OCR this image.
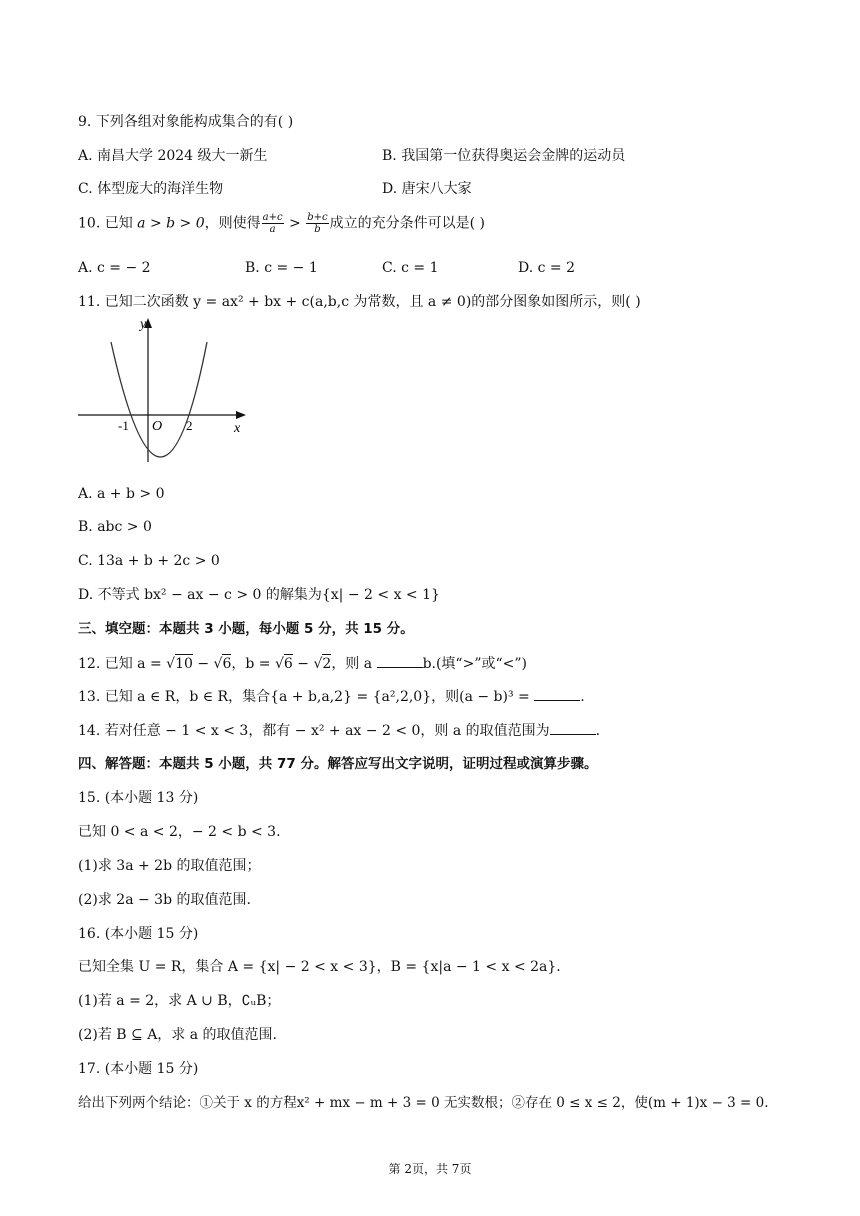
9. 下列各组对象能构成集合的有( )
A. 南昌大学 2024 级大一新生	B. 我国第一位获得奥运会金牌的运动员
C. 体型庞大的海洋生物	D. 唐宋八大家
10. 已知 a > b > 0，则使得 $\frac{a+c}{a} > \frac{b+c}{b}$ 成立的充分条件可以是( )
A. c = − 2	B. c = − 1	C. c = 1	D. c = 2
11. 已知二次函数 y = ax² + bx + c(a,b,c 为常数，且 a ≠ 0)的部分图象如图所示，则( )
y
x
O
-1	2
A. a + b > 0
B. abc > 0
C. 13a + b + 2c > 0
D. 不等式 bx² − ax − c > 0 的解集为{x| − 2 < x < 1}
三、填空题：本题共 3 小题，每小题 5 分，共 15 分。
12. 已知 a = √10 − √6，b = √6 − √2，则 a	b.(填“>”或“<”)
13. 已知 a ∈ R，b ∈ R，集合{a + b,a,2} = {a²,2,0}，则(a − b)³ =	.
14. 若对任意 − 1 < x < 3，都有 − x² + ax − 2 < 0，则 a 的取值范围为	.
四、解答题：本题共 5 小题，共 77 分。解答应写出文字说明，证明过程或演算步骤。
15. (本小题 13 分)
已知 0 < a < 2，− 2 < b < 3.
(1)求 3a + 2b 的取值范围；
(2)求 2a − 3b 的取值范围.
16. (本小题 15 分)
已知全集 U = R，集合 A = {x| − 2 < x < 3}，B = {x|a − 1 < x < 2a}.
(1)若 a = 2，求 A ∪ B，∁ᵤB；
(2)若 B ⊆ A，求 a 的取值范围.
17. (本小题 15 分)
给出下列两个结论：①关于 x 的方程x² + mx − m + 3 = 0 无实数根；②存在 0 ≤ x ≤ 2，使(m + 1)x − 3 = 0.
第 2页，共 7页
